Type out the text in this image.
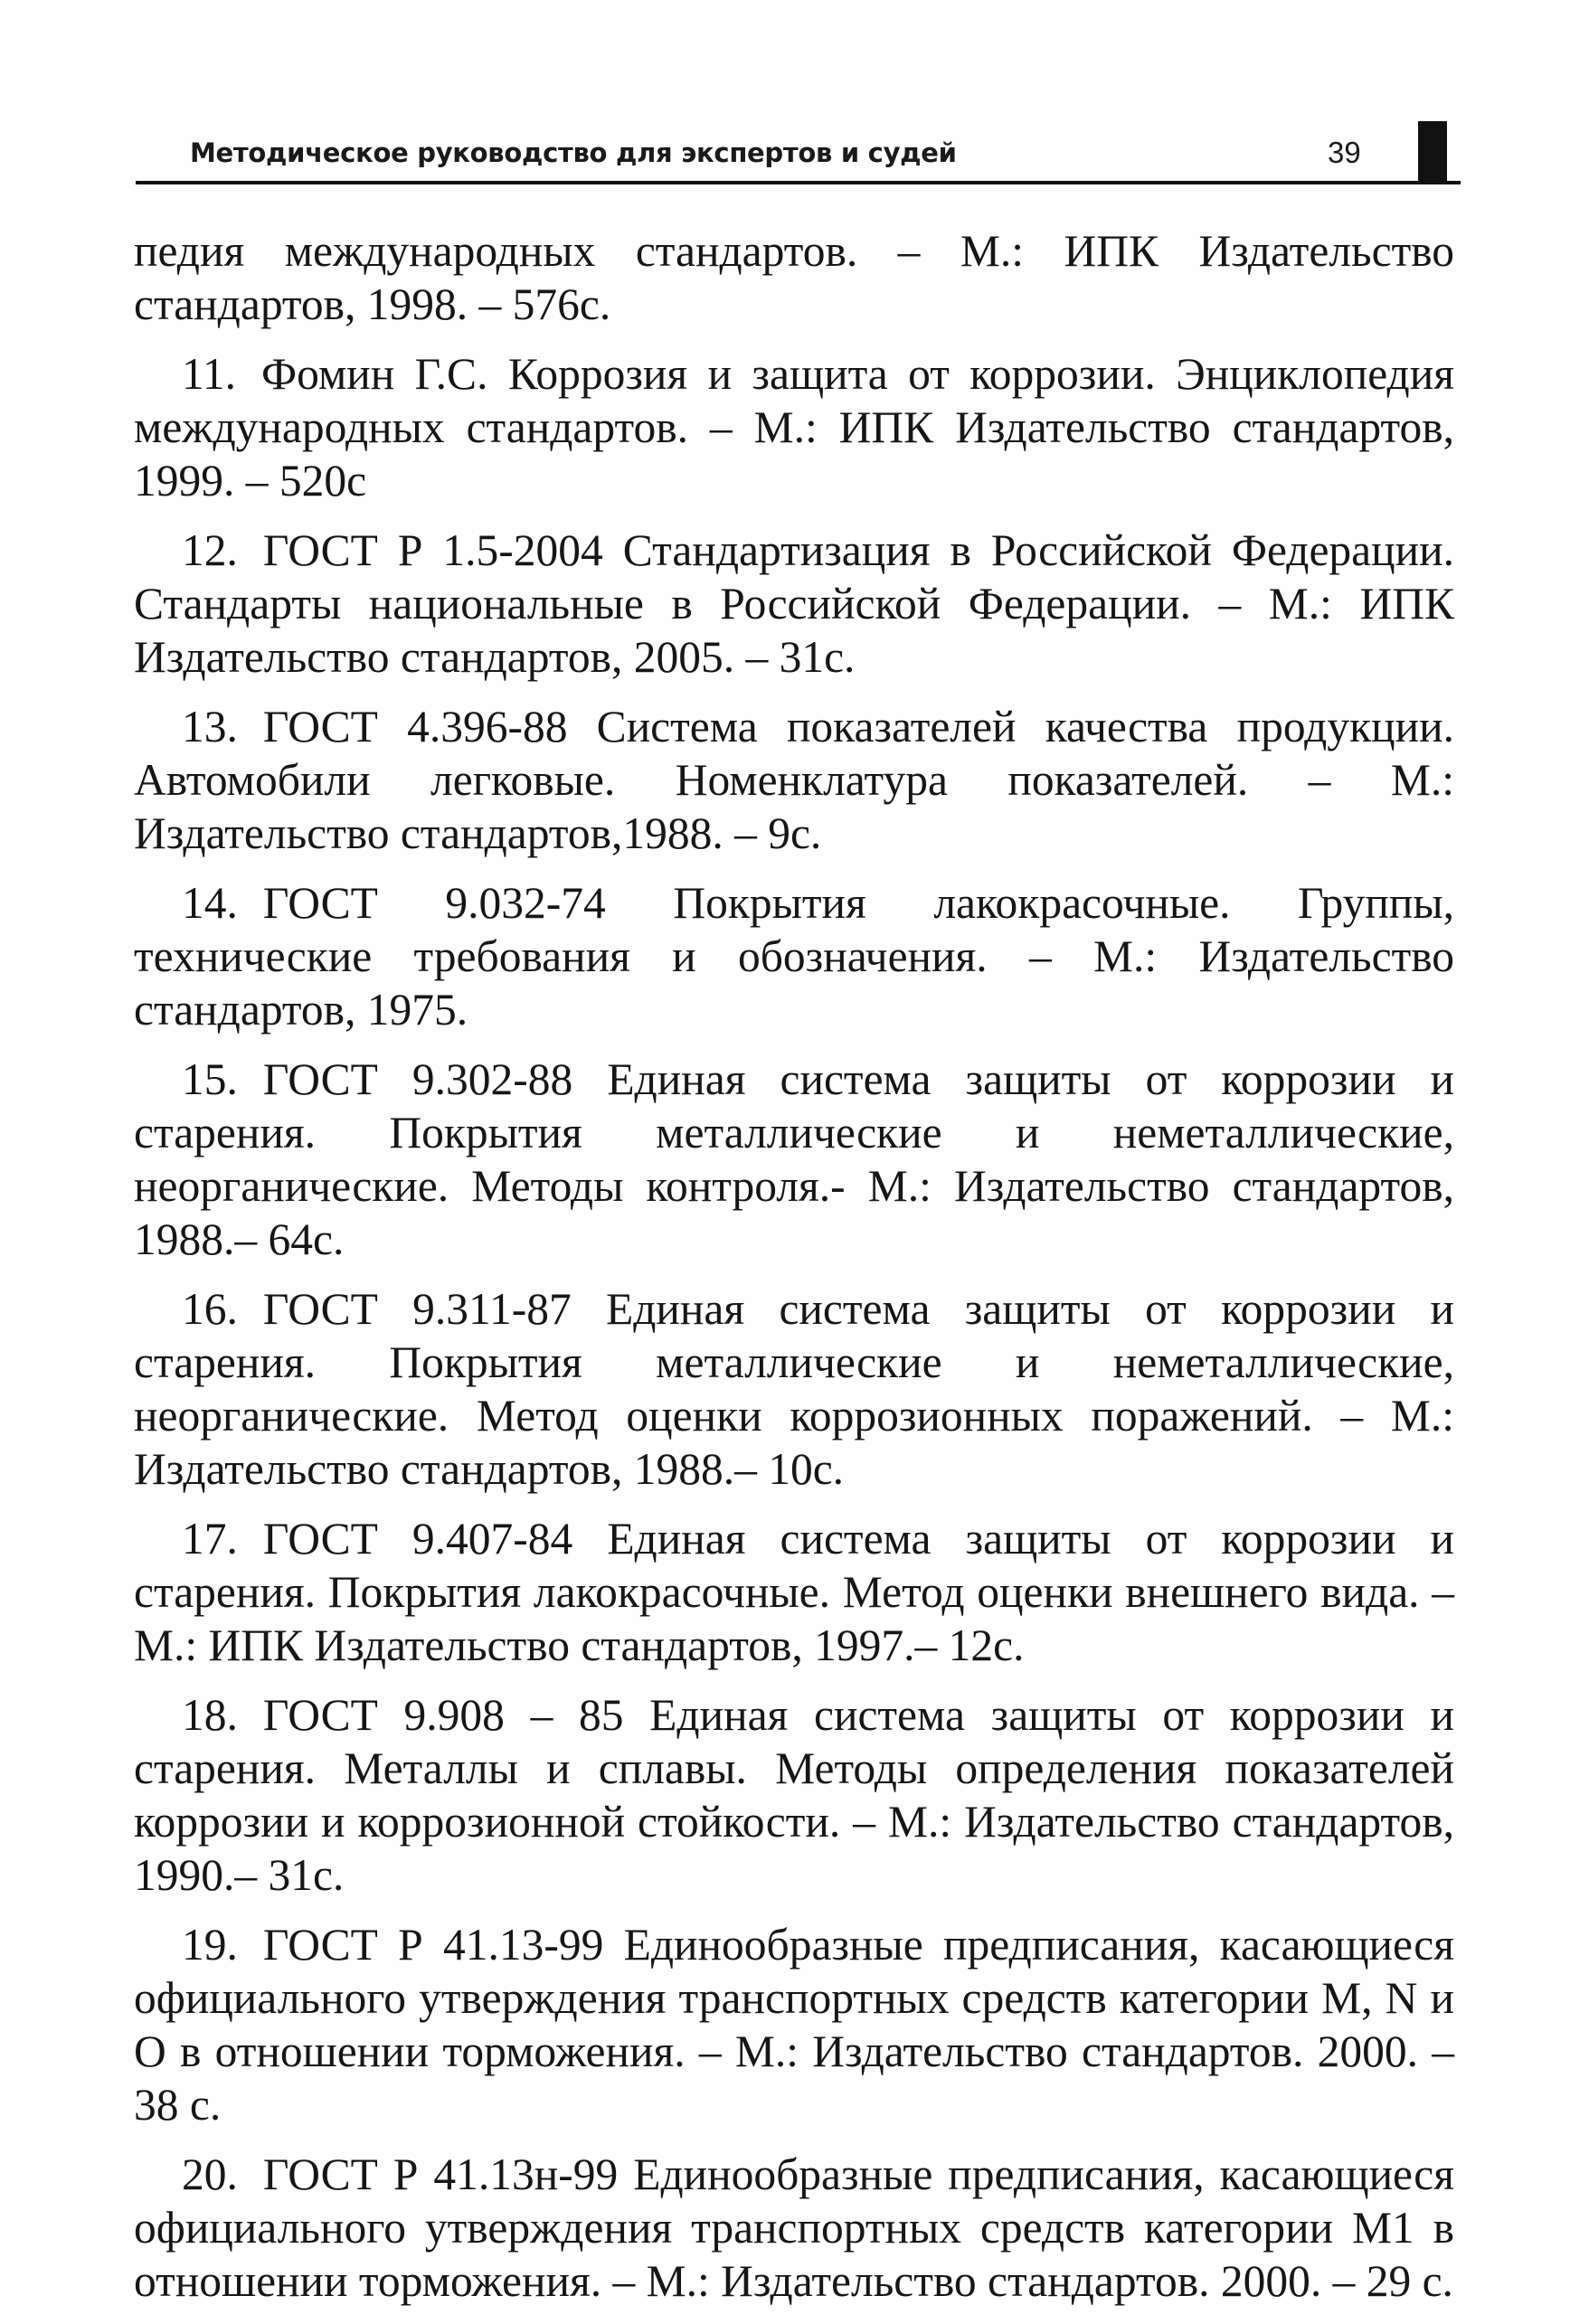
Методическое руководство для экспертов и судей	39

педия международных стандартов. – М.: ИПК Издательство стандартов, 1998. – 576с.

11. Фомин Г.С. Коррозия и защита от коррозии. Энциклопедия международных стандартов. – М.: ИПК Издательство стандартов, 1999. – 520с

12. ГОСТ Р 1.5-2004 Стандартизация в Российской Федерации. Стандарты национальные в Российской Федерации. – М.: ИПК Издательство стандартов, 2005. – 31с.

13. ГОСТ 4.396-88 Система показателей качества продукции. Автомобили легковые. Номенклатура показателей. – М.: Издательство стандартов,1988. – 9с.

14. ГОСТ 9.032-74 Покрытия лакокрасочные. Группы, технические требования и обозначения. – М.: Издательство стандартов, 1975.

15. ГОСТ 9.302-88 Единая система защиты от коррозии и старения. Покрытия металлические и неметаллические, неорганические. Методы контроля.- М.: Издательство стандартов, 1988.– 64с.

16. ГОСТ 9.311-87 Единая система защиты от коррозии и старения. Покрытия металлические и неметаллические, неорганические. Метод оценки коррозионных поражений. – М.: Издательство стандартов, 1988.– 10с.

17. ГОСТ 9.407-84 Единая система защиты от коррозии и старения. Покрытия лакокрасочные. Метод оценки внешнего вида. – М.: ИПК Издательство стандартов, 1997.– 12с.

18. ГОСТ 9.908 – 85 Единая система защиты от коррозии и старения. Металлы и сплавы. Методы определения показателей коррозии и коррозионной стойкости. – М.: Издательство стандартов, 1990.– 31с.

19. ГОСТ Р 41.13-99 Единообразные предписания, касающиеся официального утверждения транспортных средств категории M, N и O в отношении торможения. – М.: Издательство стандартов. 2000. – 38 с.

20. ГОСТ Р 41.13н-99 Единообразные предписания, касающиеся официального утверждения транспортных средств категории M1 в отношении торможения. – М.: Издательство стандартов. 2000. – 29 с.
